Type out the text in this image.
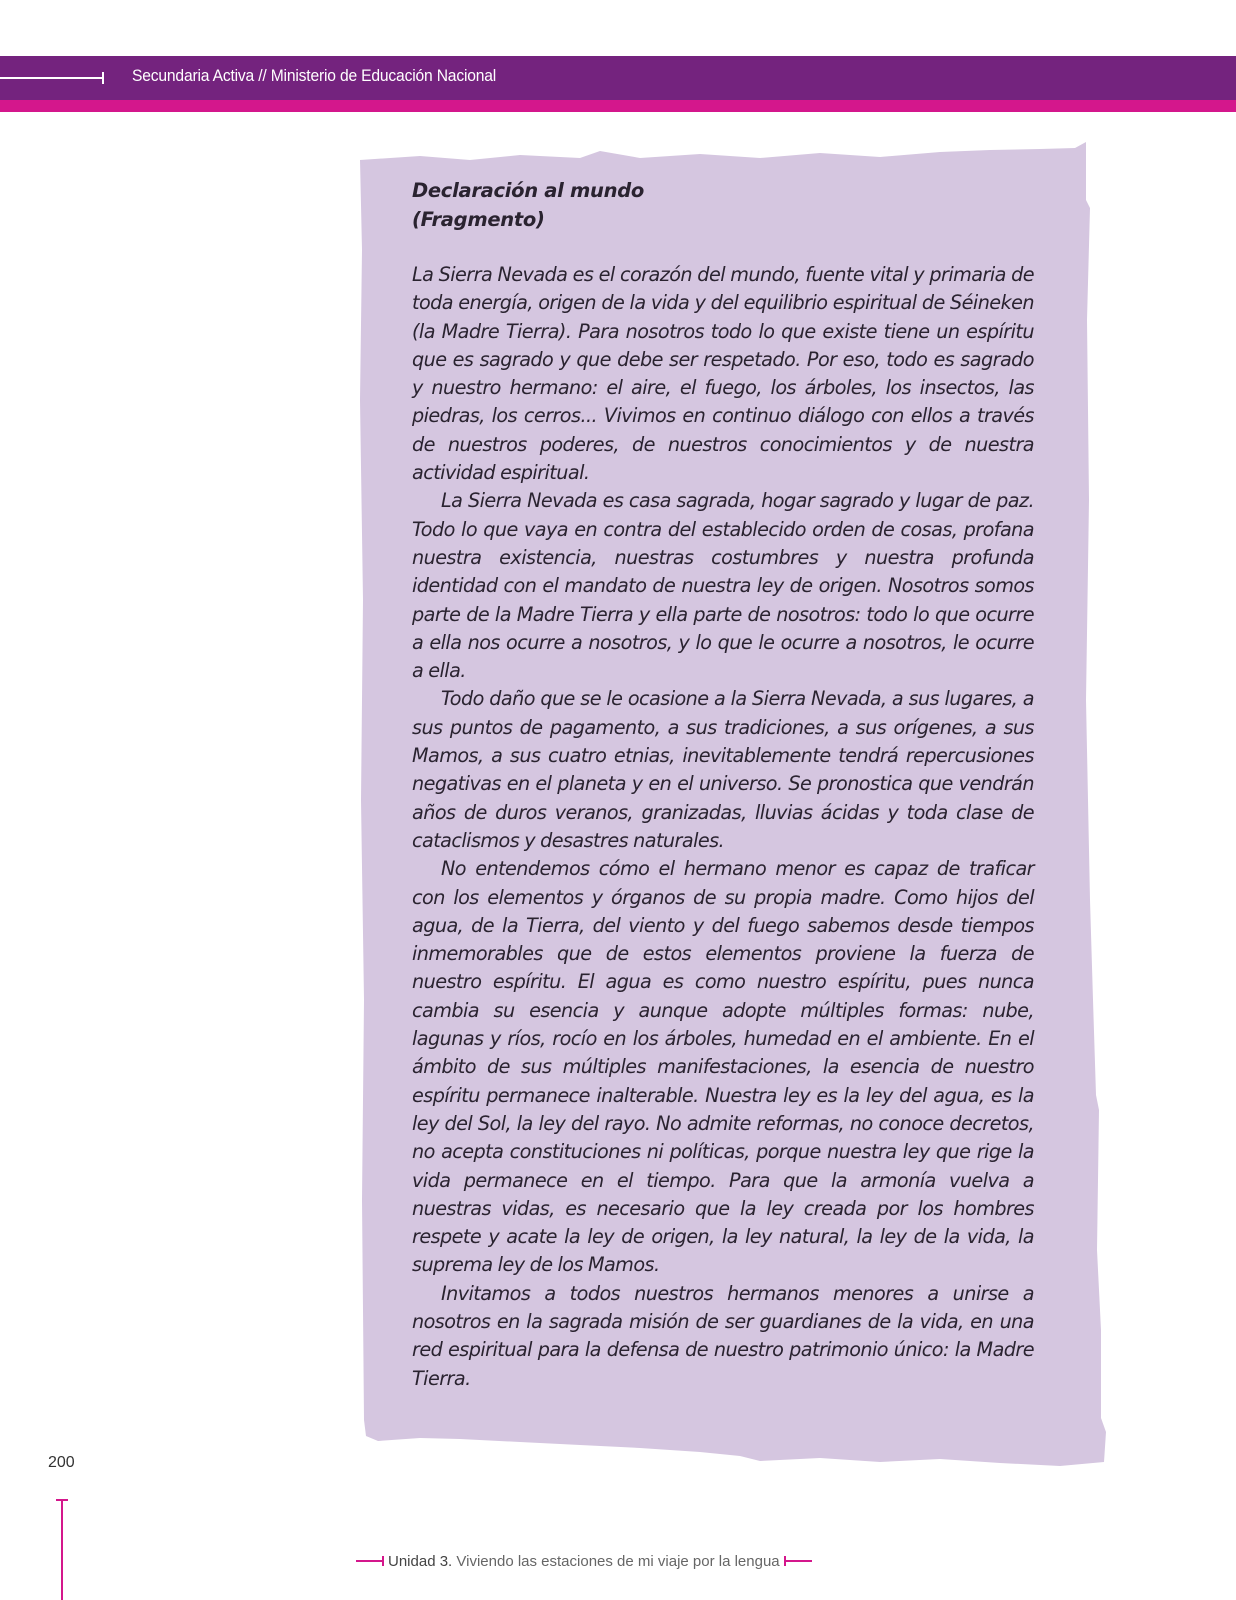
Secundaria Activa // Ministerio de Educación Nacional

Declaración al mundo

(Fragmento)

La Sierra Nevada es el corazón del mundo, fuente vital y primaria de toda energía, origen de la vida y del equilibrio espiritual de Séineken (la Madre Tierra). Para nosotros todo lo que existe tiene un espíritu que es sagrado y que debe ser respetado. Por eso, todo es sagrado y nuestro hermano: el aire, el fuego, los árboles, los insectos, las piedras, los cerros... Vivimos en continuo diálogo con ellos a través de nuestros poderes, de nuestros conocimientos y de nuestra actividad espiritual.

La Sierra Nevada es casa sagrada, hogar sagrado y lugar de paz. Todo lo que vaya en contra del establecido orden de cosas, profana nuestra existencia, nuestras costumbres y nuestra profunda identidad con el mandato de nuestra ley de origen. Nosotros somos parte de la Madre Tierra y ella parte de nosotros: todo lo que ocurre a ella nos ocurre a nosotros, y lo que le ocurre a nosotros, le ocurre a ella.

Todo daño que se le ocasione a la Sierra Nevada, a sus lugares, a sus puntos de pagamento, a sus tradiciones, a sus orígenes, a sus Mamos, a sus cuatro etnias, inevitablemente tendrá repercusiones negativas en el planeta y en el universo. Se pronostica que vendrán años de duros veranos, granizadas, lluvias ácidas y toda clase de cataclismos y desastres naturales.

No entendemos cómo el hermano menor es capaz de traficar con los elementos y órganos de su propia madre. Como hijos del agua, de la Tierra, del viento y del fuego sabemos desde tiempos inmemorables que de estos elementos proviene la fuerza de nuestro espíritu. El agua es como nuestro espíritu, pues nunca cambia su esencia y aunque adopte múltiples formas: nube, lagunas y ríos, rocío en los árboles, humedad en el ambiente. En el ámbito de sus múltiples manifestaciones, la esencia de nuestro espíritu permanece inalterable. Nuestra ley es la ley del agua, es la ley del Sol, la ley del rayo. No admite reformas, no conoce decretos, no acepta constituciones ni políticas, porque nuestra ley que rige la vida permanece en el tiempo. Para que la armonía vuelva a nuestras vidas, es necesario que la ley creada por los hombres respete y acate la ley de origen, la ley natural, la ley de la vida, la suprema ley de los Mamos.

Invitamos a todos nuestros hermanos menores a unirse a nosotros en la sagrada misión de ser guardianes de la vida, en una red espiritual para la defensa de nuestro patrimonio único: la Madre Tierra.

200
Unidad 3. Viviendo las estaciones de mi viaje por la lengua
